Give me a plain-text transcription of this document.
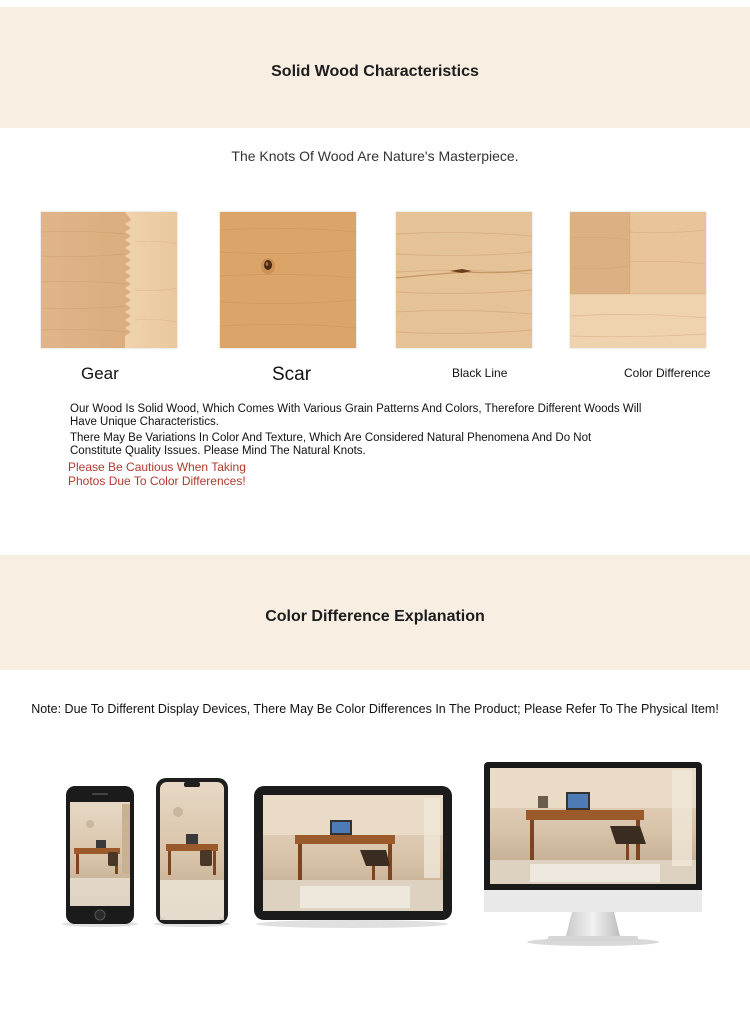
Solid Wood Characteristics
The Knots Of Wood Are Nature's Masterpiece.
Gear	Scar	Black Line	Color Difference
Our Wood Is Solid Wood, Which Comes With Various Grain Patterns And Colors, Therefore Different Woods Will Have Unique Characteristics.
There May Be Variations In Color And Texture, Which Are Considered Natural Phenomena And Do Not Constitute Quality Issues. Please Mind The Natural Knots.
Please Be Cautious When Taking Photos Due To Color Differences!
Color Difference Explanation
Note: Due To Different Display Devices, There May Be Color Differences In The Product; Please Refer To The Physical Item!
